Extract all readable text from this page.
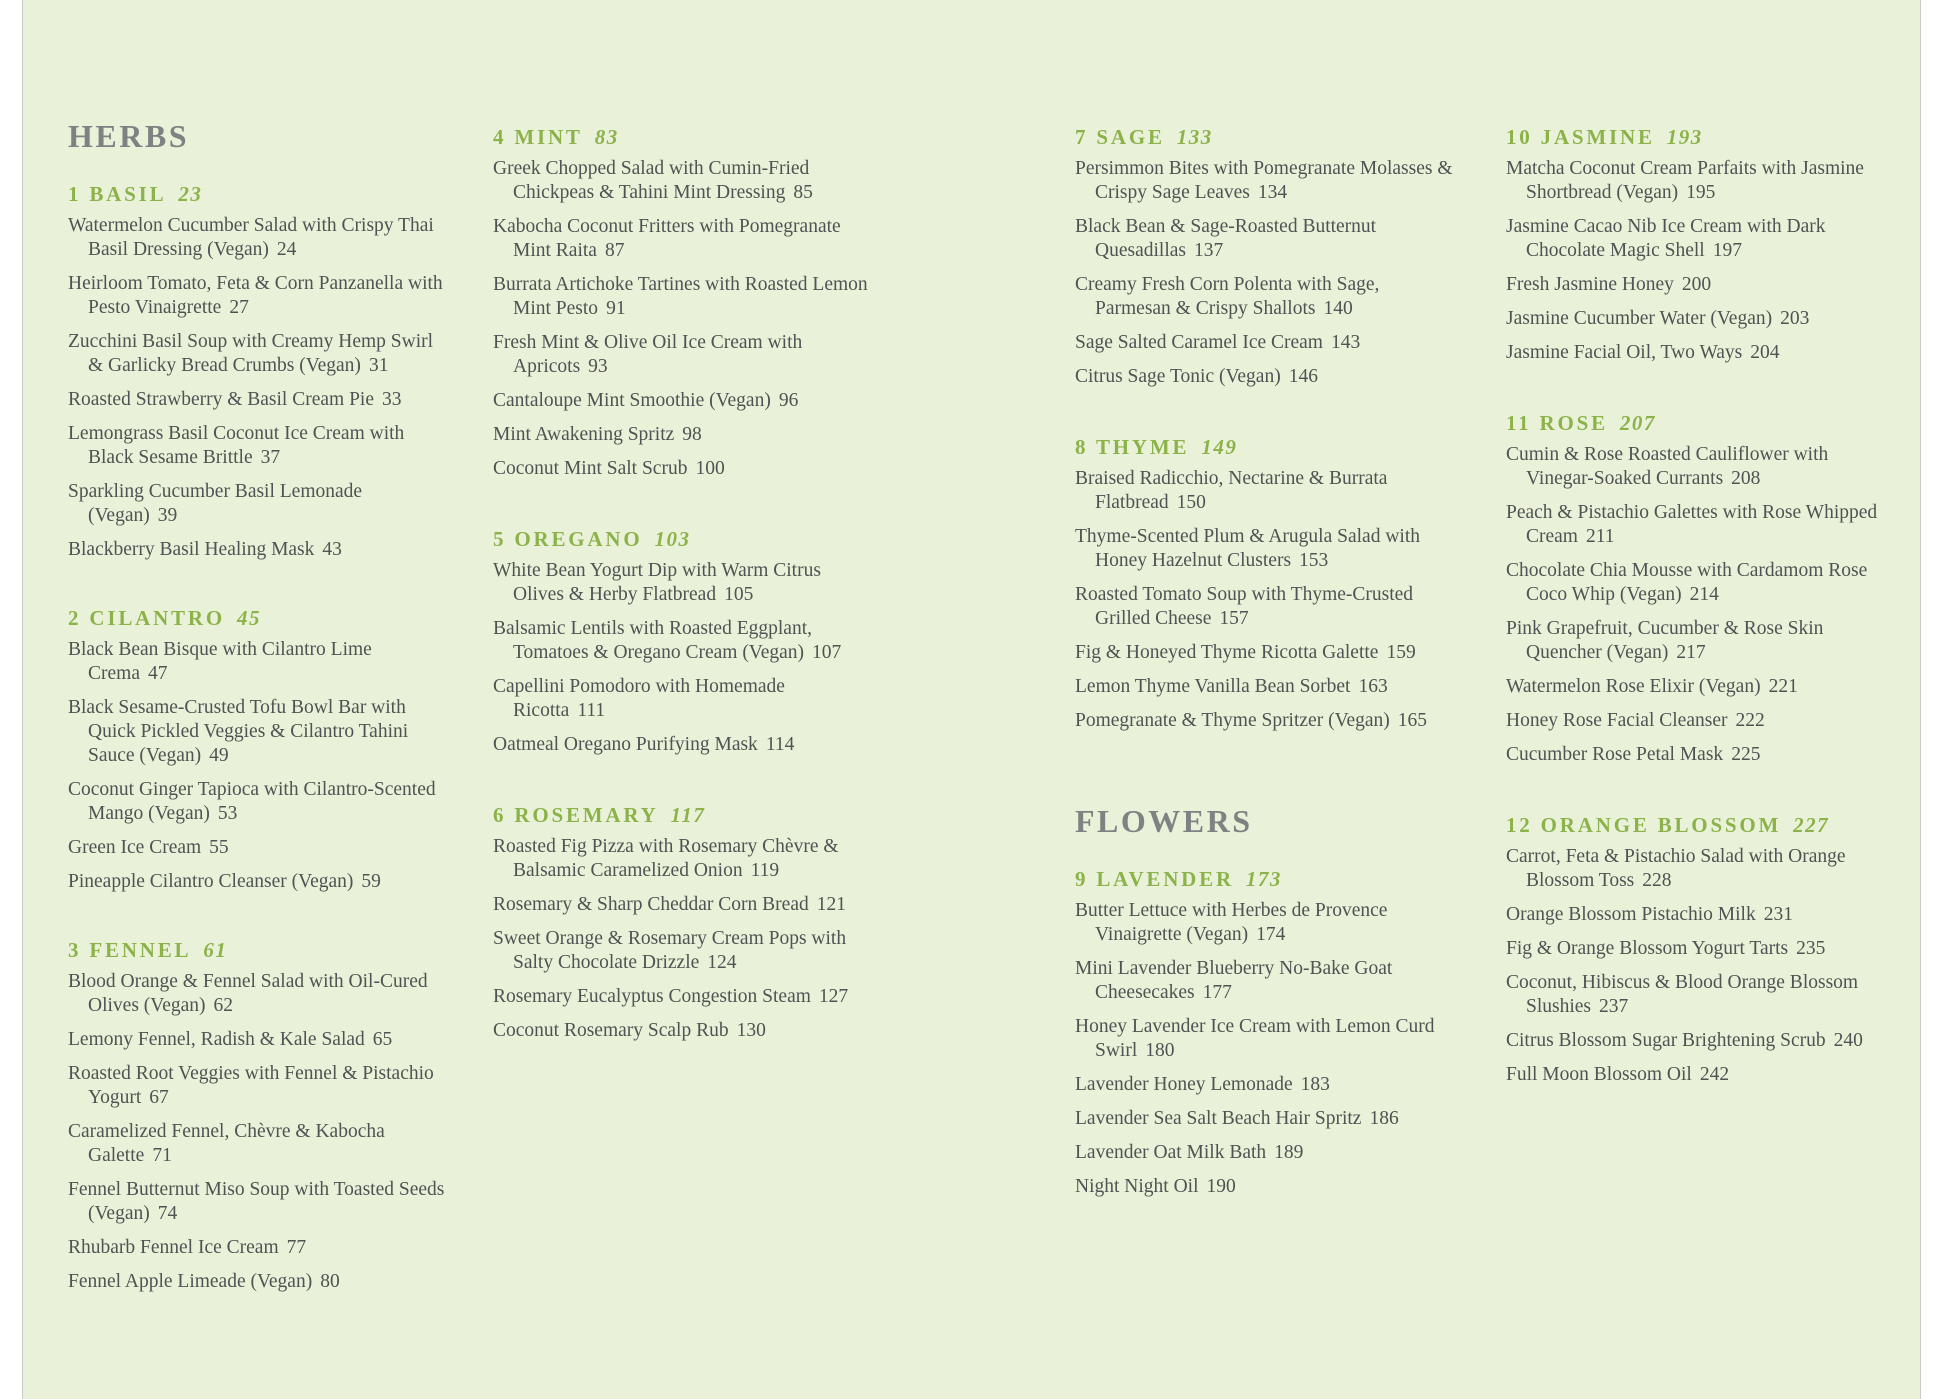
HERBS
1 BASIL 23
Watermelon Cucumber Salad with Crispy Thai Basil Dressing (Vegan) 24
Heirloom Tomato, Feta & Corn Panzanella with Pesto Vinaigrette 27
Zucchini Basil Soup with Creamy Hemp Swirl & Garlicky Bread Crumbs (Vegan) 31
Roasted Strawberry & Basil Cream Pie 33
Lemongrass Basil Coconut Ice Cream with Black Sesame Brittle 37
Sparkling Cucumber Basil Lemonade (Vegan) 39
Blackberry Basil Healing Mask 43
2 CILANTRO 45
Black Bean Bisque with Cilantro Lime Crema 47
Black Sesame-Crusted Tofu Bowl Bar with Quick Pickled Veggies & Cilantro Tahini Sauce (Vegan) 49
Coconut Ginger Tapioca with Cilantro-Scented Mango (Vegan) 53
Green Ice Cream 55
Pineapple Cilantro Cleanser (Vegan) 59
3 FENNEL 61
Blood Orange & Fennel Salad with Oil-Cured Olives (Vegan) 62
Lemony Fennel, Radish & Kale Salad 65
Roasted Root Veggies with Fennel & Pistachio Yogurt 67
Caramelized Fennel, Chèvre & Kabocha Galette 71
Fennel Butternut Miso Soup with Toasted Seeds (Vegan) 74
Rhubarb Fennel Ice Cream 77
Fennel Apple Limeade (Vegan) 80
4 MINT 83
Greek Chopped Salad with Cumin-Fried Chickpeas & Tahini Mint Dressing 85
Kabocha Coconut Fritters with Pomegranate Mint Raita 87
Burrata Artichoke Tartines with Roasted Lemon Mint Pesto 91
Fresh Mint & Olive Oil Ice Cream with Apricots 93
Cantaloupe Mint Smoothie (Vegan) 96
Mint Awakening Spritz 98
Coconut Mint Salt Scrub 100
5 OREGANO 103
White Bean Yogurt Dip with Warm Citrus Olives & Herby Flatbread 105
Balsamic Lentils with Roasted Eggplant, Tomatoes & Oregano Cream (Vegan) 107
Capellini Pomodoro with Homemade Ricotta 111
Oatmeal Oregano Purifying Mask 114
6 ROSEMARY 117
Roasted Fig Pizza with Rosemary Chèvre & Balsamic Caramelized Onion 119
Rosemary & Sharp Cheddar Corn Bread 121
Sweet Orange & Rosemary Cream Pops with Salty Chocolate Drizzle 124
Rosemary Eucalyptus Congestion Steam 127
Coconut Rosemary Scalp Rub 130
7 SAGE 133
Persimmon Bites with Pomegranate Molasses & Crispy Sage Leaves 134
Black Bean & Sage-Roasted Butternut Quesadillas 137
Creamy Fresh Corn Polenta with Sage, Parmesan & Crispy Shallots 140
Sage Salted Caramel Ice Cream 143
Citrus Sage Tonic (Vegan) 146
8 THYME 149
Braised Radicchio, Nectarine & Burrata Flatbread 150
Thyme-Scented Plum & Arugula Salad with Honey Hazelnut Clusters 153
Roasted Tomato Soup with Thyme-Crusted Grilled Cheese 157
Fig & Honeyed Thyme Ricotta Galette 159
Lemon Thyme Vanilla Bean Sorbet 163
Pomegranate & Thyme Spritzer (Vegan) 165
FLOWERS
9 LAVENDER 173
Butter Lettuce with Herbes de Provence Vinaigrette (Vegan) 174
Mini Lavender Blueberry No-Bake Goat Cheesecakes 177
Honey Lavender Ice Cream with Lemon Curd Swirl 180
Lavender Honey Lemonade 183
Lavender Sea Salt Beach Hair Spritz 186
Lavender Oat Milk Bath 189
Night Night Oil 190
10 JASMINE 193
Matcha Coconut Cream Parfaits with Jasmine Shortbread (Vegan) 195
Jasmine Cacao Nib Ice Cream with Dark Chocolate Magic Shell 197
Fresh Jasmine Honey 200
Jasmine Cucumber Water (Vegan) 203
Jasmine Facial Oil, Two Ways 204
11 ROSE 207
Cumin & Rose Roasted Cauliflower with Vinegar-Soaked Currants 208
Peach & Pistachio Galettes with Rose Whipped Cream 211
Chocolate Chia Mousse with Cardamom Rose Coco Whip (Vegan) 214
Pink Grapefruit, Cucumber & Rose Skin Quencher (Vegan) 217
Watermelon Rose Elixir (Vegan) 221
Honey Rose Facial Cleanser 222
Cucumber Rose Petal Mask 225
12 ORANGE BLOSSOM 227
Carrot, Feta & Pistachio Salad with Orange Blossom Toss 228
Orange Blossom Pistachio Milk 231
Fig & Orange Blossom Yogurt Tarts 235
Coconut, Hibiscus & Blood Orange Blossom Slushies 237
Citrus Blossom Sugar Brightening Scrub 240
Full Moon Blossom Oil 242
